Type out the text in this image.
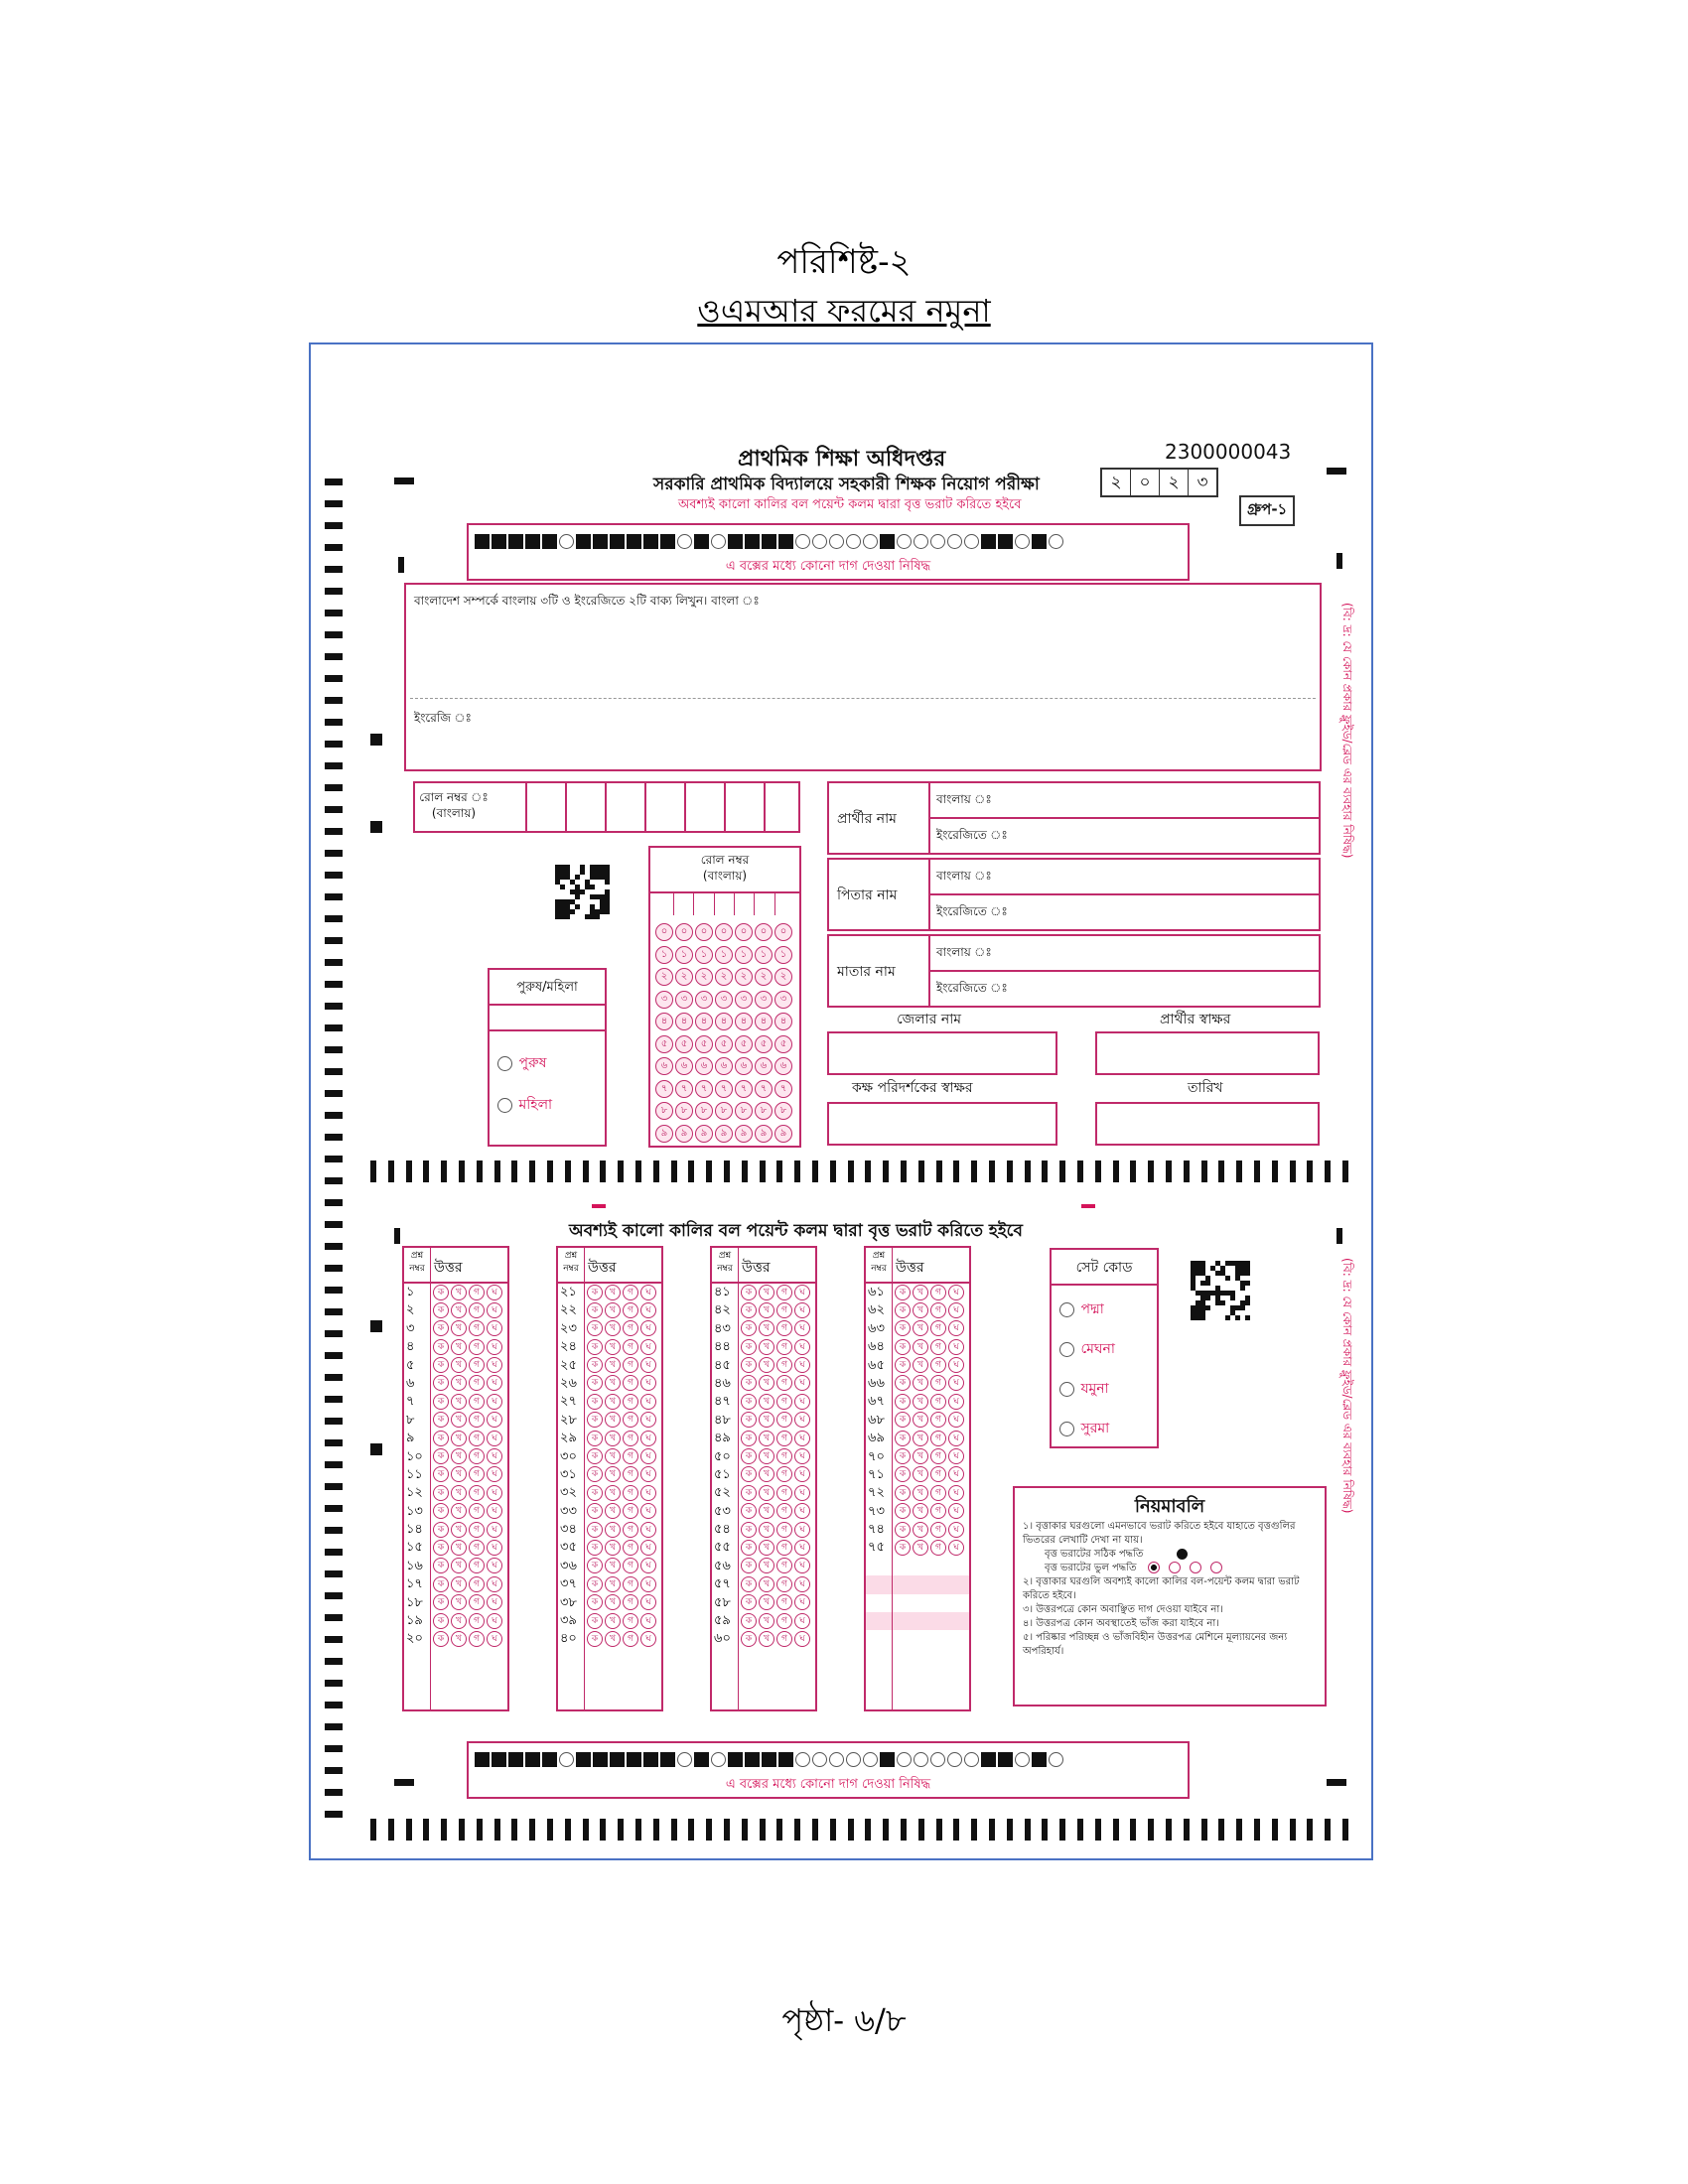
পরিশিষ্ট-২
ওএমআর ফরমের নমুনা
2300000043
প্রাথমিক শিক্ষা অধিদপ্তর
সরকারি প্রাথমিক বিদ্যালয়ে সহকারী শিক্ষক নিয়োগ পরীক্ষা	২	০	২	৩
অবশ্যই কালো কালির বল পয়েন্ট কলম দ্বারা বৃত্ত ভরাট করিতে হইবে	গ্রুপ-১
এ বক্সের মধ্যে কোনো দাগ দেওয়া নিষিদ্ধ
বাংলাদেশ সম্পর্কে বাংলায় ৩টি ও ইংরেজিতে ২টি বাক্য লিখুন। বাংলা ঃ
ইংরেজি ঃ	(বি: দ্র: যে কোন প্রকার ফ্লুইড/ব্লেড এর ব্যবহার নিষিদ্ধ)
(বি: দ্র: যে কোন প্রকার ফ্লুইড/ব্লেড এর ব্যবহার নিষিদ্ধ)
রোল নম্বর ঃ
(বাংলায়)
রোল নম্বর
(বাংলায়)
০ ০ ০ ০ ০ ০ ০
১ ১ ১ ১ ১ ১ ১
২ ২ ২ ২ ২ ২ ২
৩ ৩ ৩ ৩ ৩ ৩ ৩
৪ ৪ ৪ ৪ ৪ ৪ ৪
৫ ৫ ৫ ৫ ৫ ৫ ৫
৬ ৬ ৬ ৬ ৬ ৬ ৬
৭ ৭ ৭ ৭ ৭ ৭ ৭
৮ ৮ ৮ ৮ ৮ ৮ ৮
৯ ৯ ৯ ৯ ৯ ৯ ৯
প্রার্থীর নাম
বাংলায় ঃ
ইংরেজিতে ঃ
পিতার নাম
বাংলায় ঃ
ইংরেজিতে ঃ
মাতার নাম
বাংলায় ঃ
ইংরেজিতে ঃ
জেলার নাম	প্রার্থীর স্বাক্ষর
কক্ষ পরিদর্শকের স্বাক্ষর	তারিখ
পুরুষ/মহিলা
পুরুষ
মহিলা
অবশ্যই কালো কালির বল পয়েন্ট কলম দ্বারা বৃত্ত ভরাট করিতে হইবে
প্রশ্ন
নম্বর উত্তর
১	ক খ গ ঘ
২	ক খ গ ঘ
৩	ক খ গ ঘ
৪	ক খ গ ঘ
৫	ক খ গ ঘ
৬	ক খ গ ঘ
৭	ক খ গ ঘ
৮	ক খ গ ঘ
৯	ক খ গ ঘ
১০ ক খ গ ঘ
১১ ক খ গ ঘ
১২ ক খ গ ঘ
১৩ ক খ গ ঘ
১৪ ক খ গ ঘ
১৫ ক খ গ ঘ
১৬ ক খ গ ঘ
১৭ ক খ গ ঘ
১৮ ক খ গ ঘ
১৯ ক খ গ ঘ
২০ ক খ গ ঘ
প্রশ্ন
নম্বর উত্তর
২১ ক খ গ ঘ
২২ ক খ গ ঘ
২৩ ক খ গ ঘ
২৪ ক খ গ ঘ
২৫ ক খ গ ঘ
২৬ ক খ গ ঘ
২৭ ক খ গ ঘ
২৮ ক খ গ ঘ
২৯ ক খ গ ঘ
৩০ ক খ গ ঘ
৩১ ক খ গ ঘ
৩২ ক খ গ ঘ
৩৩ ক খ গ ঘ
৩৪ ক খ গ ঘ
৩৫ ক খ গ ঘ
৩৬ ক খ গ ঘ
৩৭ ক খ গ ঘ
৩৮ ক খ গ ঘ
৩৯ ক খ গ ঘ
৪০ ক খ গ ঘ
প্রশ্ন
নম্বর উত্তর
৪১ ক খ গ ঘ
৪২ ক খ গ ঘ
৪৩ ক খ গ ঘ
৪৪ ক খ গ ঘ
৪৫ ক খ গ ঘ
৪৬ ক খ গ ঘ
৪৭ ক খ গ ঘ
৪৮ ক খ গ ঘ
৪৯ ক খ গ ঘ
৫০ ক খ গ ঘ
৫১ ক খ গ ঘ
৫২ ক খ গ ঘ
৫৩ ক খ গ ঘ
৫৪ ক খ গ ঘ
৫৫ ক খ গ ঘ
৫৬ ক খ গ ঘ
৫৭ ক খ গ ঘ
৫৮ ক খ গ ঘ
৫৯ ক খ গ ঘ
৬০ ক খ গ ঘ
প্রশ্ন
নম্বর উত্তর
৬১ ক খ গ ঘ
৬২ ক খ গ ঘ
৬৩ ক খ গ ঘ
৬৪ ক খ গ ঘ
৬৫ ক খ গ ঘ
৬৬ ক খ গ ঘ
৬৭ ক খ গ ঘ
৬৮ ক খ গ ঘ
৬৯ ক খ গ ঘ
৭০ ক খ গ ঘ
৭১ ক খ গ ঘ
৭২ ক খ গ ঘ
৭৩ ক খ গ ঘ
৭৪ ক খ গ ঘ
৭৫ ক খ গ ঘ
সেট কোড
পদ্মা
মেঘনা
যমুনা
সুরমা
নিয়মাবলি
১। বৃত্তাকার ঘরগুলো এমনভাবে ভরাট করিতে হইবে যাহাতে বৃত্তগুলির ভিতরের লেখাটি দেখা না যায়।
বৃত্ত ভরাটের সঠিক পদ্ধতি
বৃত্ত ভরাটের ভুল পদ্ধতি
২। বৃত্তাকার ঘরগুলি অবশ্যই কালো কালির বল-পয়েন্ট কলম দ্বারা ভরাট করিতে হইবে।
৩। উত্তরপত্রে কোন অবাঞ্ছিত দাগ দেওয়া যাইবে না।
৪। উত্তরপত্র কোন অবস্থাতেই ভাঁজ করা যাইবে না।
৫। পরিষ্কার পরিচ্ছন্ন ও ভাঁজবিহীন উত্তরপত্র মেশিনে মূল্যায়নের জন্য অপরিহার্য।
এ বক্সের মধ্যে কোনো দাগ দেওয়া নিষিদ্ধ
পৃষ্ঠা- ৬/৮
